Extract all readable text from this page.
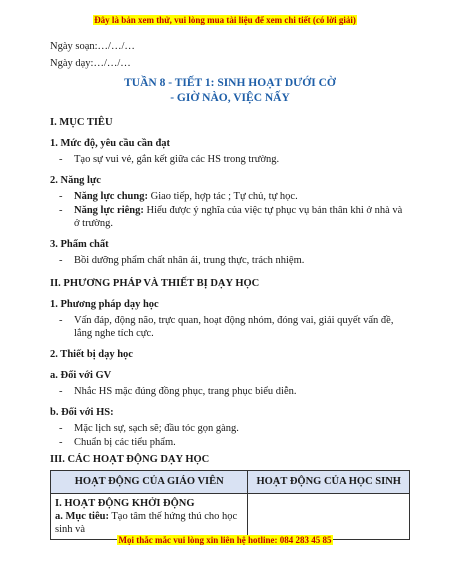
Đây là bản xem thử, vui lòng mua tài liệu để xem chi tiết (có lời giải)
Ngày soạn:…/…/…
Ngày dạy:…/…/…
TUẦN 8 - TIẾT 1: SINH HOẠT DƯỚI CỜ
- GIỜ NÀO, VIỆC NẤY
I. MỤC TIÊU
1. Mức độ, yêu cầu cần đạt
- Tạo sự vui vẻ, gắn kết giữa các HS trong trường.
2. Năng lực
- Năng lực chung: Giao tiếp, hợp tác ; Tự chủ, tự học.
- Năng lực riêng: Hiểu được ý nghĩa của việc tự phục vụ bản thân khi ở nhà và ở trường.
3. Phẩm chất
- Bồi dưỡng phẩm chất nhân ái, trung thực, trách nhiệm.
II. PHƯƠNG PHÁP VÀ THIẾT BỊ DẠY HỌC
1. Phương pháp dạy học
- Vấn đáp, động não, trực quan, hoạt động nhóm, đóng vai, giải quyết vấn đề, lắng nghe tích cực.
2. Thiết bị dạy học
a. Đối với GV
- Nhắc HS mặc đúng đồng phục, trang phục biểu diễn.
b. Đối với HS:
- Mặc lịch sự, sạch sẽ; đầu tóc gọn gàng.
- Chuẩn bị các tiểu phẩm.
III. CÁC HOẠT ĐỘNG DẠY HỌC
HOẠT ĐỘNG CỦA GIÁO VIÊN	HOẠT ĐỘNG CỦA HỌC SINH

I. HOẠT ĐỘNG KHỞI ĐỘNG
a. Mục tiêu: Tạo tâm thế hứng thú cho học sinh và	

Mọi thắc mắc vui lòng xin liên hệ hotline: 084 283 45 85
